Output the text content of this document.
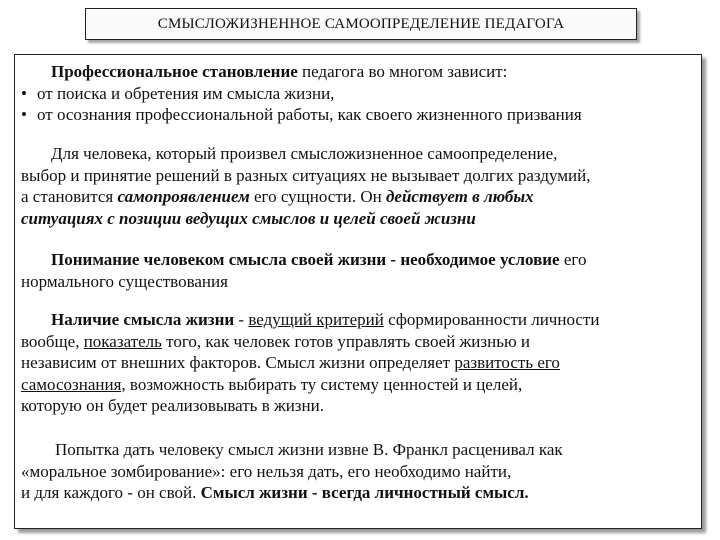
СМЫСЛОЖИЗНЕННОЕ САМООПРЕДЕЛЕНИЕ ПЕДАГОГА
Профессиональное становление педагога во многом зависит:
• от поиска и обретения им смысла жизни,
• от осознания профессиональной работы, как своего жизненного призвания
Для человека, который произвел смысложизненное самоопределение,
выбор и принятие решений в разных ситуациях не вызывает долгих раздумий,
а становится самопроявлением его сущности. Он действует в любых
ситуациях с позиции ведущих смыслов и целей своей жизни
Понимание человеком смысла своей жизни - необходимое условие его
нормального существования
Наличие смысла жизни - ведущий критерий сформированности личности
вообще, показатель того, как человек готов управлять своей жизнью и
независим от внешних факторов. Смысл жизни определяет развитость его
самосознания, возможность выбирать ту систему ценностей и целей,
которую он будет реализовывать в жизни.
Попытка дать человеку смысл жизни извне В. Франкл расценивал как
«моральное зомбирование»: его нельзя дать, его необходимо найти,
и для каждого - он свой. Смысл жизни - всегда личностный смысл.
